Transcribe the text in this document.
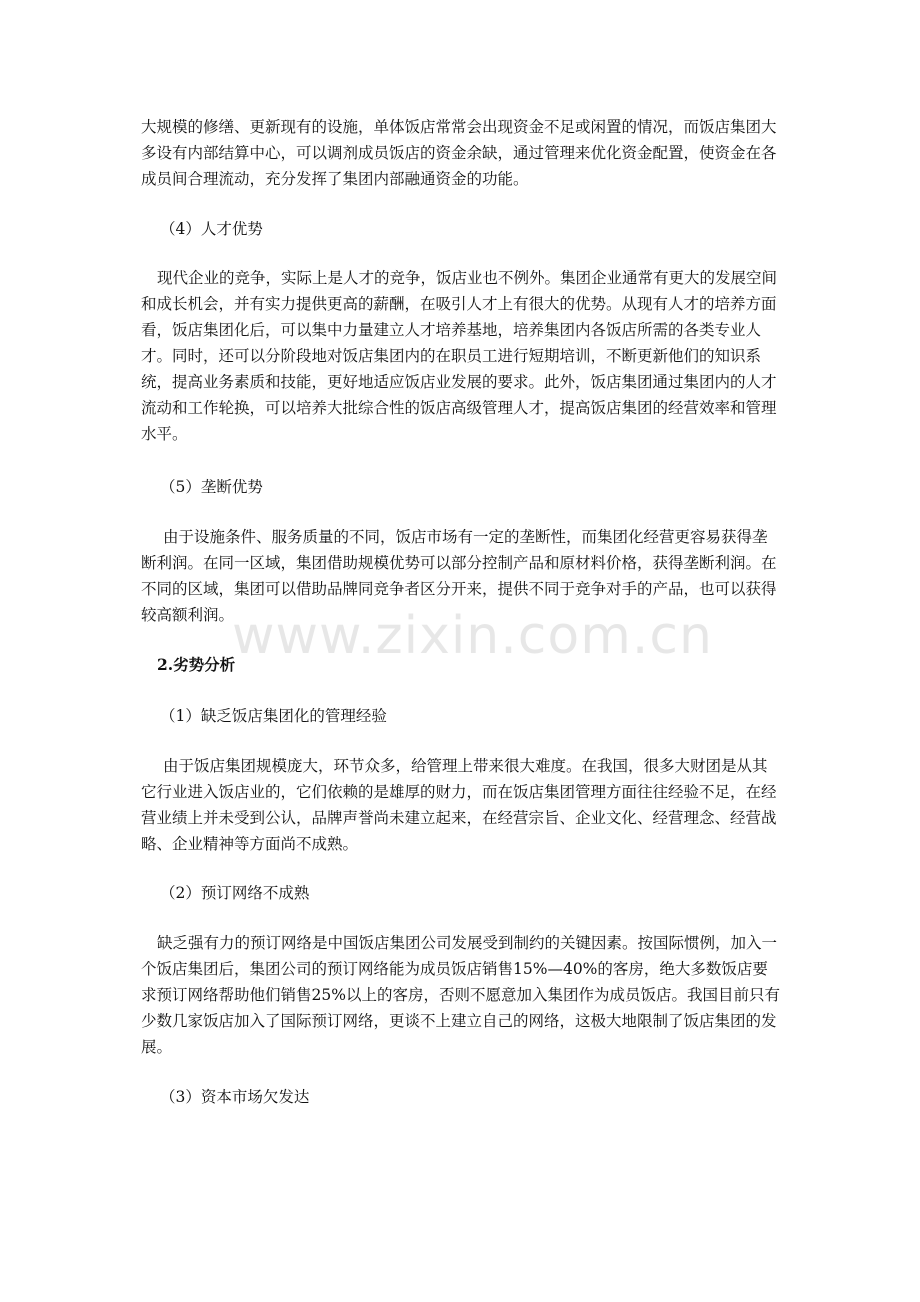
大规模的修缮、更新现有的设施，单体饭店常常会出现资金不足或闲置的情况，而饭店集团大多设有内部结算中心，可以调剂成员饭店的资金余缺，通过管理来优化资金配置，使资金在各成员间合理流动，充分发挥了集团内部融通资金的功能。

（4）人才优势

现代企业的竞争，实际上是人才的竞争，饭店业也不例外。集团企业通常有更大的发展空间和成长机会，并有实力提供更高的薪酬，在吸引人才上有很大的优势。从现有人才的培养方面看，饭店集团化后，可以集中力量建立人才培养基地，培养集团内各饭店所需的各类专业人才。同时，还可以分阶段地对饭店集团内的在职员工进行短期培训，不断更新他们的知识系统，提高业务素质和技能，更好地适应饭店业发展的要求。此外，饭店集团通过集团内的人才流动和工作轮换，可以培养大批综合性的饭店高级管理人才，提高饭店集团的经营效率和管理水平。

（5）垄断优势

由于设施条件、服务质量的不同，饭店市场有一定的垄断性，而集团化经营更容易获得垄断利润。在同一区域，集团借助规模优势可以部分控制产品和原材料价格，获得垄断利润。在不同的区域，集团可以借助品牌同竞争者区分开来，提供不同于竞争对手的产品，也可以获得较高额利润。

2.劣势分析

（1）缺乏饭店集团化的管理经验

由于饭店集团规模庞大，环节众多，给管理上带来很大难度。在我国，很多大财团是从其它行业进入饭店业的，它们依赖的是雄厚的财力，而在饭店集团管理方面往往经验不足，在经营业绩上并未受到公认，品牌声誉尚未建立起来，在经营宗旨、企业文化、经营理念、经营战略、企业精神等方面尚不成熟。

（2）预订网络不成熟

缺乏强有力的预订网络是中国饭店集团公司发展受到制约的关键因素。按国际惯例，加入一个饭店集团后，集团公司的预订网络能为成员饭店销售15%—40%的客房，绝大多数饭店要求预订网络帮助他们销售25%以上的客房，否则不愿意加入集团作为成员饭店。我国目前只有少数几家饭店加入了国际预订网络，更谈不上建立自己的网络，这极大地限制了饭店集团的发展。

（3）资本市场欠发达

www.zixin.com.cn
